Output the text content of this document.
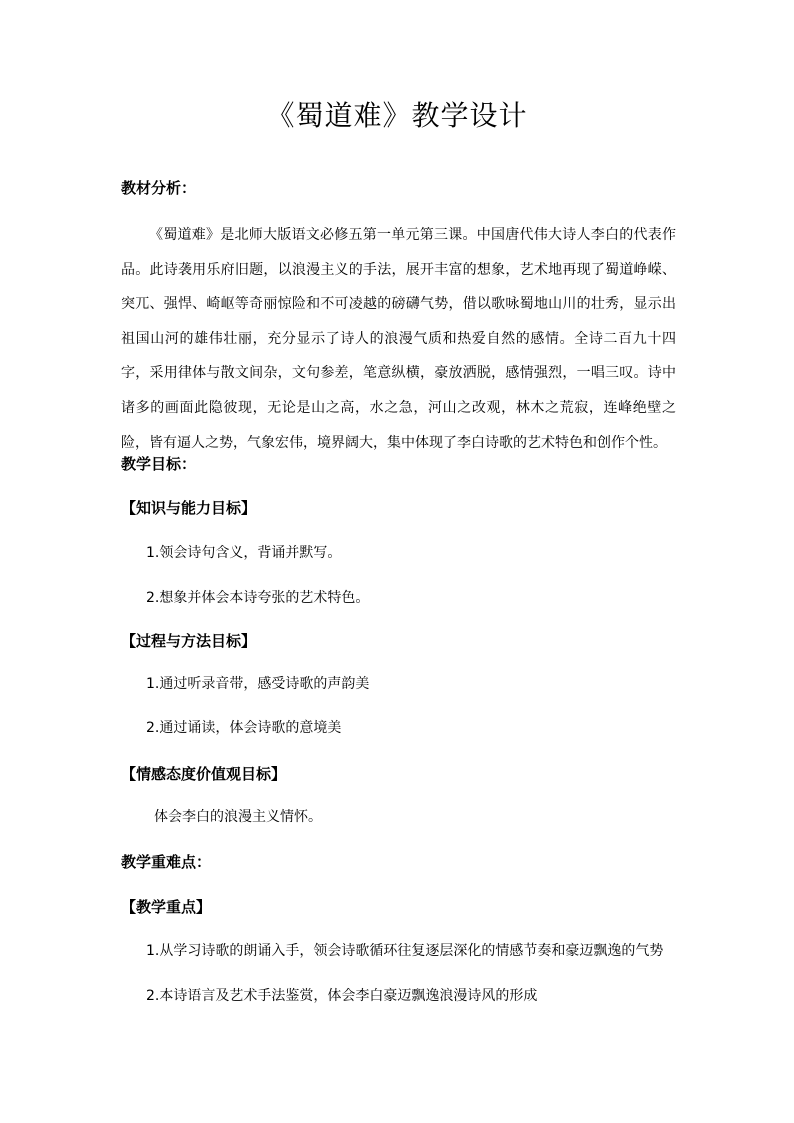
《蜀道难》教学设计
教材分析：
《蜀道难》是北师大版语文必修五第一单元第三课。中国唐代伟大诗人李白的代表作品。此诗袭用乐府旧题，以浪漫主义的手法，展开丰富的想象，艺术地再现了蜀道峥嵘、突兀、强悍、崎岖等奇丽惊险和不可凌越的磅礴气势，借以歌咏蜀地山川的壮秀，显示出祖国山河的雄伟壮丽，充分显示了诗人的浪漫气质和热爱自然的感情。全诗二百九十四字，采用律体与散文间杂，文句参差，笔意纵横，豪放洒脱，感情强烈，一唱三叹。诗中诸多的画面此隐彼现，无论是山之高，水之急，河山之改观，林木之荒寂，连峰绝壁之险，皆有逼人之势，气象宏伟，境界阔大，集中体现了李白诗歌的艺术特色和创作个性。
教学目标：
【知识与能力目标】
1.领会诗句含义，背诵并默写。
2.想象并体会本诗夸张的艺术特色。
【过程与方法目标】
1.通过听录音带，感受诗歌的声韵美
2.通过诵读，体会诗歌的意境美
【情感态度价值观目标】
体会李白的浪漫主义情怀。
教学重难点：
【教学重点】
1.从学习诗歌的朗诵入手，领会诗歌循环往复逐层深化的情感节奏和豪迈飘逸的气势
2.本诗语言及艺术手法鉴赏，体会李白豪迈飘逸浪漫诗风的形成
